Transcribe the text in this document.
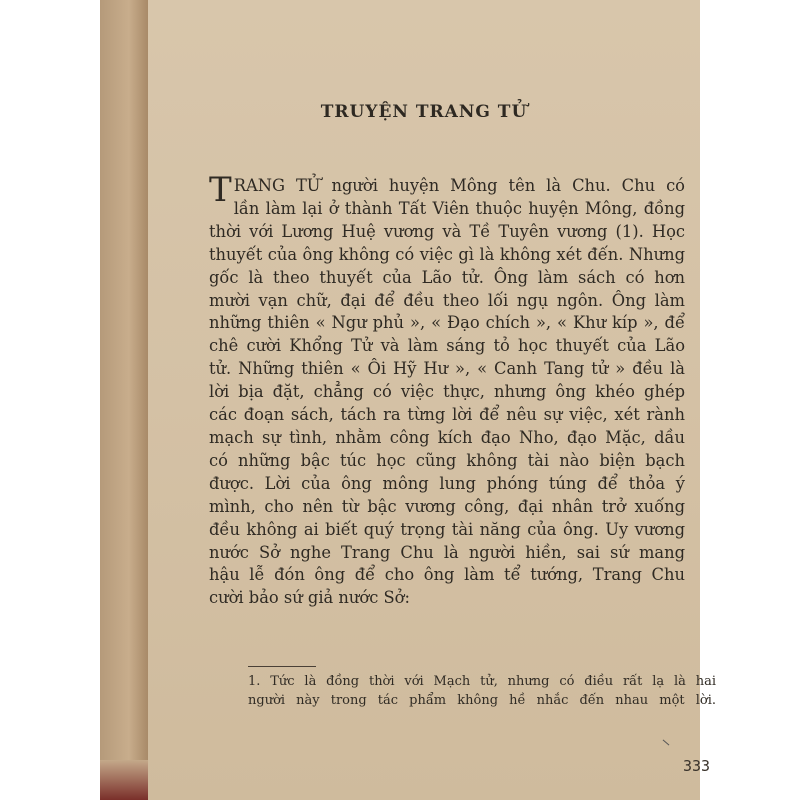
TRUYỆN TRANG TỬ
T RANG TỬ người huyện Mông tên là Chu. Chu có
lần làm lại ở thành Tất Viên thuộc huyện Mông, đồng
thời với Lương Huệ vương và Tề Tuyên vương (1). Học
thuyết của ông không có việc gì là không xét đến. Nhưng
gốc là theo thuyết của Lão tử. Ông làm sách có hơn
mười vạn chữ, đại để đều theo lối ngụ ngôn. Ông làm
những thiên « Ngư phủ », « Đạo chích », « Khư kíp », để
chê cười Khổng Tử và làm sáng tỏ học thuyết của Lão
tử. Những thiên « Ôi Hỹ Hư », « Canh Tang tử » đều là
lời bịa đặt, chẳng có việc thực, nhưng ông khéo ghép
các đoạn sách, tách ra từng lời để nêu sự việc, xét rành
mạch sự tình, nhằm công kích đạo Nho, đạo Mặc, dầu
có những bậc túc học cũng không tài nào biện bạch
được. Lời của ông mông lung phóng túng để thỏa ý
mình, cho nên từ bậc vương công, đại nhân trở xuống
đều không ai biết quý trọng tài năng của ông. Uy vương
nước Sở nghe Trang Chu là người hiền, sai sứ mang
hậu lễ đón ông để cho ông làm tể tướng, Trang Chu
cười bảo sứ giả nước Sở:
1. Tức là đồng thời với Mạch tử, nhưng có điều rất lạ là hai
người này trong tác phẩm không hề nhắc đến nhau một lời.
333
